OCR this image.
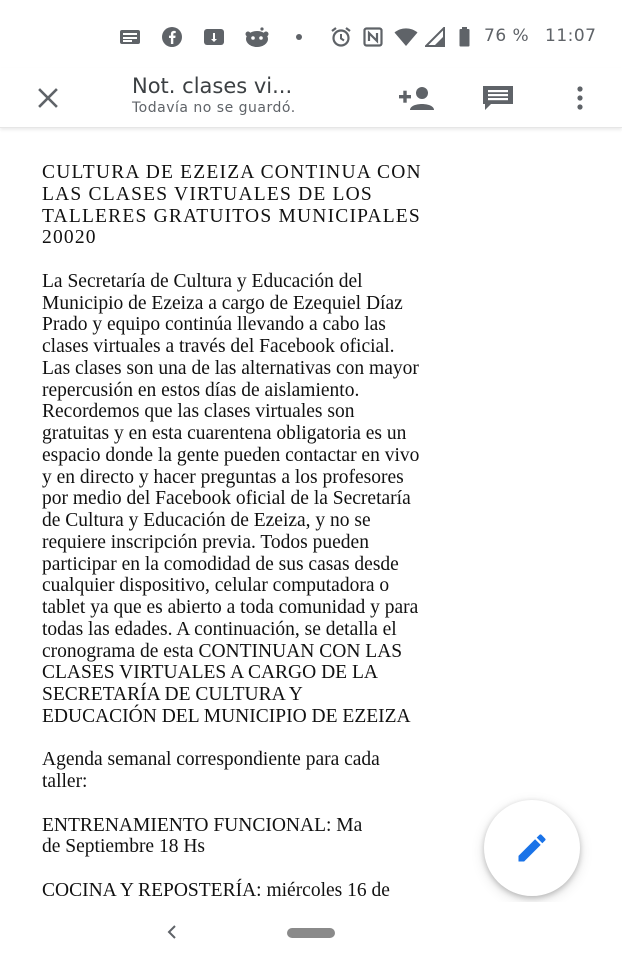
76 % 11:07
Not. clases vi...
Todavía no se guardó.

CULTURA DE EZEIZA CONTINUA CON

LAS CLASES VIRTUALES DE LOS

TALLERES GRATUITOS MUNICIPALES

20020

La Secretaría de Cultura y Educación del

Municipio de Ezeiza a cargo de Ezequiel Díaz

Prado y equipo continúa llevando a cabo las

clases virtuales a través del Facebook oficial.

Las clases son una de las alternativas con mayor

repercusión en estos días de aislamiento.

Recordemos que las clases virtuales son

gratuitas y en esta cuarentena obligatoria es un

espacio donde la gente pueden contactar en vivo

y en directo y hacer preguntas a los profesores

por medio del Facebook oficial de la Secretaría

de Cultura y Educación de Ezeiza, y no se

requiere inscripción previa. Todos pueden

participar en la comodidad de sus casas desde

cualquier dispositivo, celular computadora o

tablet ya que es abierto a toda comunidad y para

todas las edades. A continuación, se detalla el

cronograma de esta CONTINUAN CON LAS

CLASES VIRTUALES A CARGO DE LA

SECRETARÍA DE CULTURA Y

EDUCACIÓN DEL MUNICIPIO DE EZEIZA

Agenda semanal correspondiente para cada

taller:

ENTRENAMIENTO FUNCIONAL: Ma

de Septiembre 18 Hs

COCINA Y REPOSTERÍA: miércoles 16 de
